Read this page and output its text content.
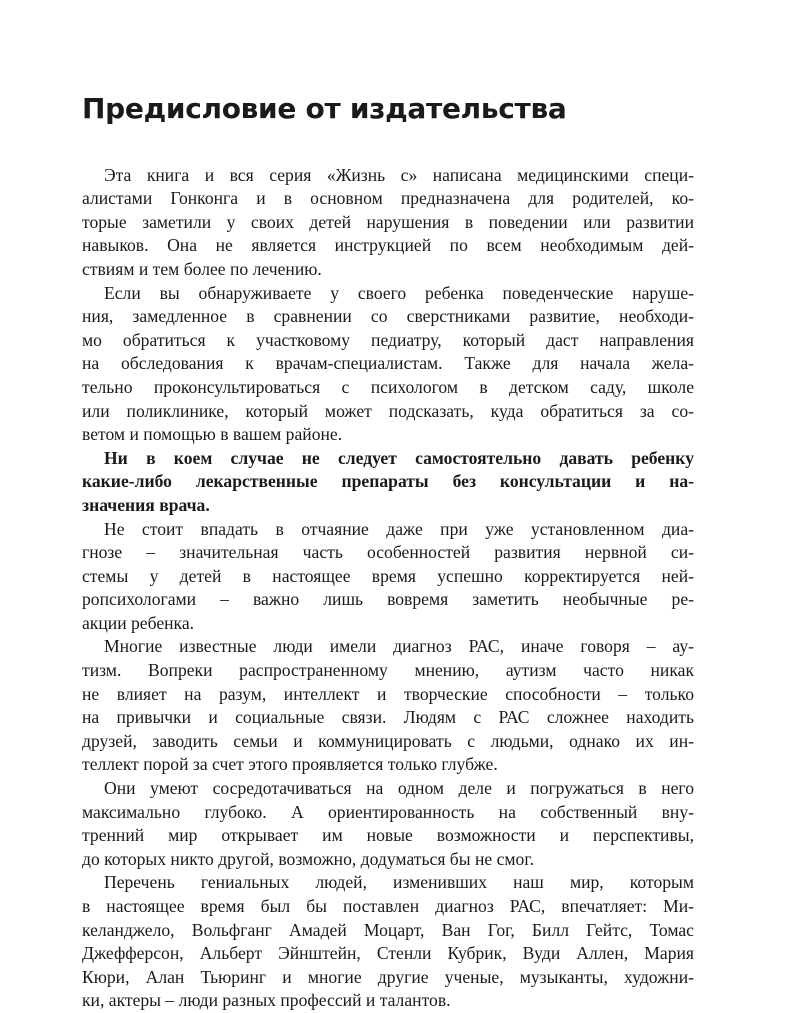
Предисловие от издательства

Эта книга и вся серия «Жизнь с» написана медицинскими специ-
алистами Гонконга и в основном предназначена для родителей, ко-
торые заметили у своих детей нарушения в поведении или развитии
навыков. Она не является инструкцией по всем необходимым дей-
ствиям и тем более по лечению.

Если вы обнаруживаете у своего ребенка поведенческие наруше-
ния, замедленное в сравнении со сверстниками развитие, необходи-
мо обратиться к участковому педиатру, который даст направления
на обследования к врачам-специалистам. Также для начала жела-
тельно проконсультироваться с психологом в детском саду, школе
или поликлинике, который может подсказать, куда обратиться за со-
ветом и помощью в вашем районе.

Ни в коем случае не следует самостоятельно давать ребенку
какие-либо лекарственные препараты без консультации и на-
значения врача.

Не стоит впадать в отчаяние даже при уже установленном диа-
гнозе – значительная часть особенностей развития нервной си-
стемы у детей в настоящее время успешно корректируется ней-
ропсихологами – важно лишь вовремя заметить необычные ре-
акции ребенка.

Многие известные люди имели диагноз РАС, иначе говоря – ау-
тизм. Вопреки распространенному мнению, аутизм часто никак
не влияет на разум, интеллект и творческие способности – только
на привычки и социальные связи. Людям с РАС сложнее находить
друзей, заводить семьи и коммуницировать с людьми, однако их ин-
теллект порой за счет этого проявляется только глубже.

Они умеют сосредотачиваться на одном деле и погружаться в него
максимально глубоко. А ориентированность на собственный вну-
тренний мир открывает им новые возможности и перспективы,
до которых никто другой, возможно, додуматься бы не смог.

Перечень гениальных людей, изменивших наш мир, которым
в настоящее время был бы поставлен диагноз РАС, впечатляет: Ми-
келанджело, Вольфганг Амадей Моцарт, Ван Гог, Билл Гейтс, Томас
Джефферсон, Альберт Эйнштейн, Стенли Кубрик, Вуди Аллен, Мария
Кюри, Алан Тьюринг и многие другие ученые, музыканты, художни-
ки, актеры – люди разных профессий и талантов.
